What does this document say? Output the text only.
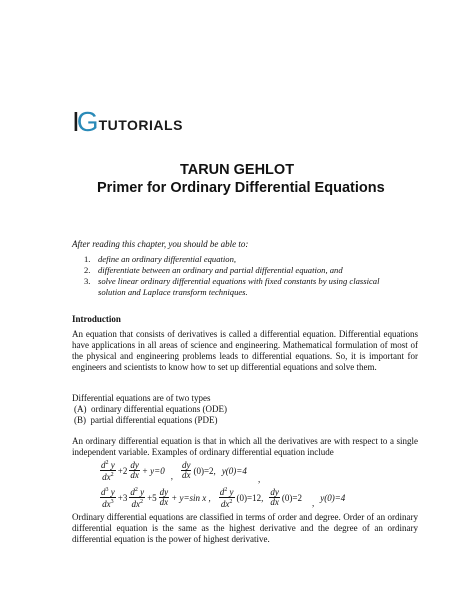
IG TUTORIALS
TARUN GEHLOT
Primer for Ordinary Differential Equations
After reading this chapter, you should be able to:
1. define an ordinary differential equation,
2. differentiate between an ordinary and partial differential equation, and
3. solve linear ordinary differential equations with fixed constants by using classical
solution and Laplace transform techniques.
Introduction
An equation that consists of derivatives is called a differential equation. Differential equations have applications in all areas of science and engineering. Mathematical formulation of most of the physical and engineering problems leads to differential equations. So, it is important for engineers and scientists to know how to set up differential equations and solve them.
Differential equations are of two types
(A) ordinary differential equations (ODE)
(B) partial differential equations (PDE)
An ordinary differential equation is that in which all the derivatives are with respect to a single independent variable. Examples of ordinary differential equation include
$\frac{d^2 y}{dx^2} +2 \frac{dy}{dx} + y=0$ , $\frac{dy}{dx} (0)=2$, y(0)=4
,
$\frac{d^3 y}{dx^3} +3 \frac{d^2 y}{dx^2} +5 \frac{dy}{dx} + y=\sin$ x , $\frac{d^2 y}{dx^2} (0)=12$, $\frac{dy}{dx} (0)=2$ , y(0)=4
Ordinary differential equations are classified in terms of order and degree. Order of an ordinary differential equation is the same as the highest derivative and the degree of an ordinary differential equation is the power of highest derivative.
